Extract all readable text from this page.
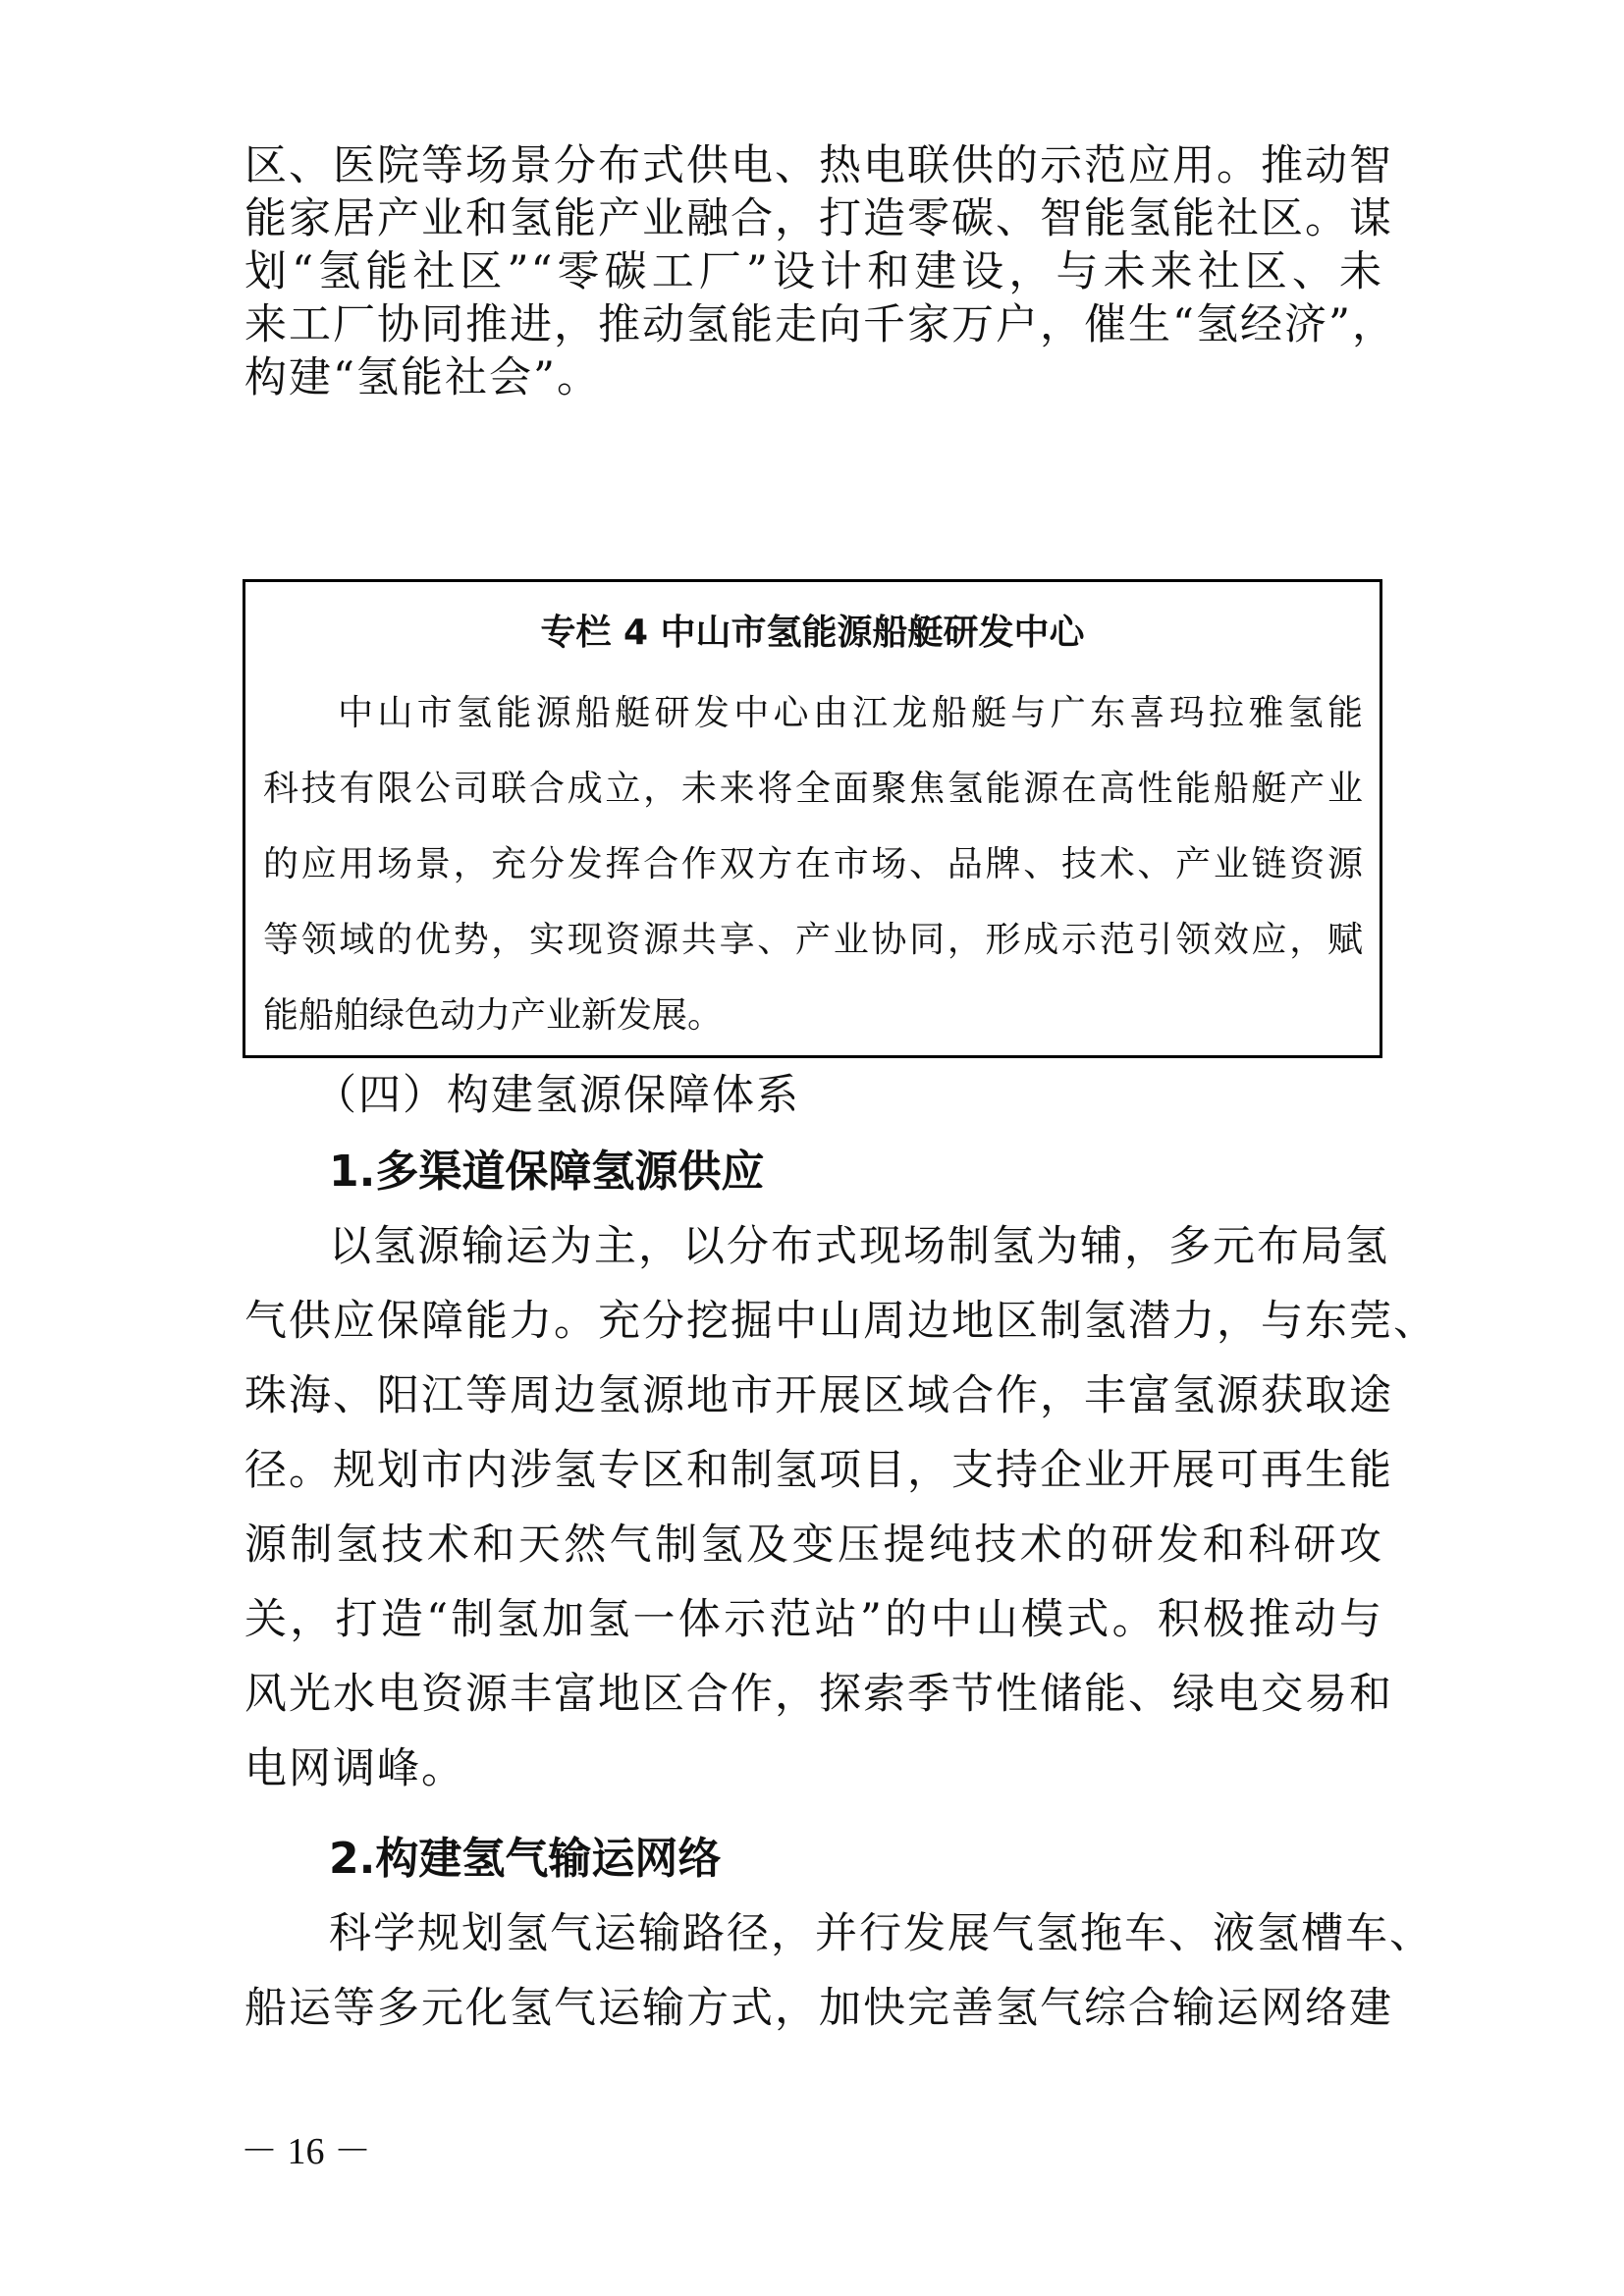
区、医院等场景分布式供电、热电联供的示范应用。推动智
能家居产业和氢能产业融合，打造零碳、智能氢能社区。谋
划“氢能社区”“零碳工厂”设计和建设，与未来社区、未
来工厂协同推进，推动氢能走向千家万户，催生“氢经济”，
构建“氢能社会”。
专栏 4 中山市氢能源船艇研发中心
中山市氢能源船艇研发中心由江龙船艇与广东喜玛拉雅氢能
科技有限公司联合成立，未来将全面聚焦氢能源在高性能船艇产业
的应用场景，充分发挥合作双方在市场、品牌、技术、产业链资源
等领域的优势，实现资源共享、产业协同，形成示范引领效应，赋
能船舶绿色动力产业新发展。
（四）构建氢源保障体系
1.多渠道保障氢源供应
以氢源输运为主，以分布式现场制氢为辅，多元布局氢
气供应保障能力。充分挖掘中山周边地区制氢潜力，与东莞、
珠海、阳江等周边氢源地市开展区域合作，丰富氢源获取途
径。规划市内涉氢专区和制氢项目，支持企业开展可再生能
源制氢技术和天然气制氢及变压提纯技术的研发和科研攻
关，打造“制氢加氢一体示范站”的中山模式。积极推动与
风光水电资源丰富地区合作，探索季节性储能、绿电交易和
电网调峰。
2.构建氢气输运网络
科学规划氢气运输路径，并行发展气氢拖车、液氢槽车、
船运等多元化氢气运输方式，加快完善氢气综合输运网络建
－ 16 －
